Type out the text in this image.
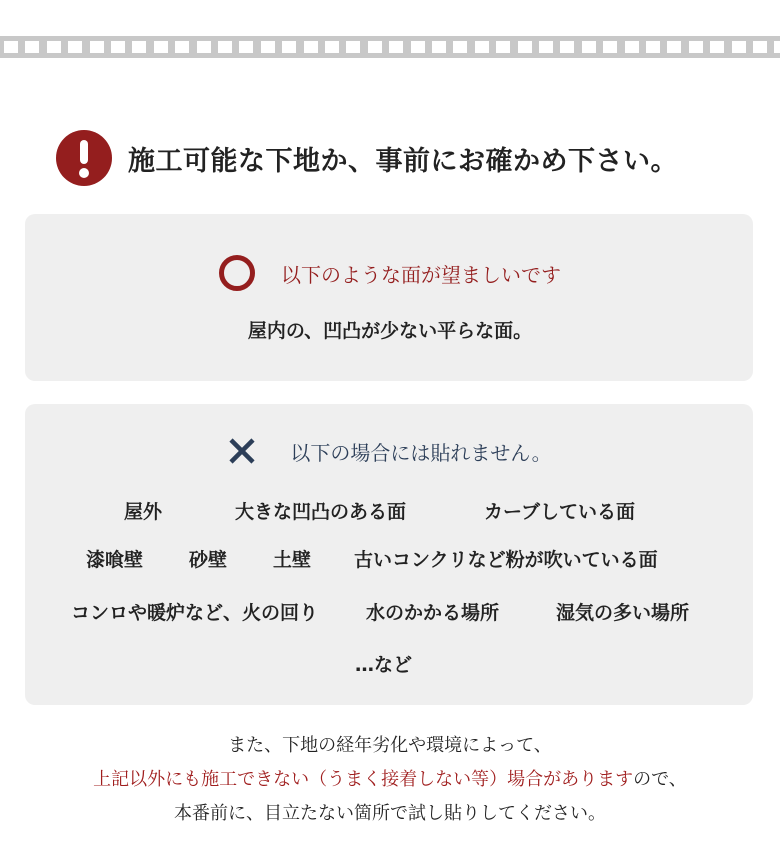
施工可能な下地か、事前にお確かめ下さい。
以下のような面が望ましいです
屋内の、凹凸が少ない平らな面。
以下の場合には貼れません。
屋外	大きな凹凸のある面	カーブしている面
漆喰壁 砂壁 土壁 古いコンクリなど粉が吹いている面
コンロや暖炉など、火の回り	水のかかる場所	湿気の多い場所
…など
また、下地の経年劣化や環境によって、
上記以外にも施工できない（うまく接着しない等）場合がありますので、
本番前に、目立たない箇所で試し貼りしてください。
